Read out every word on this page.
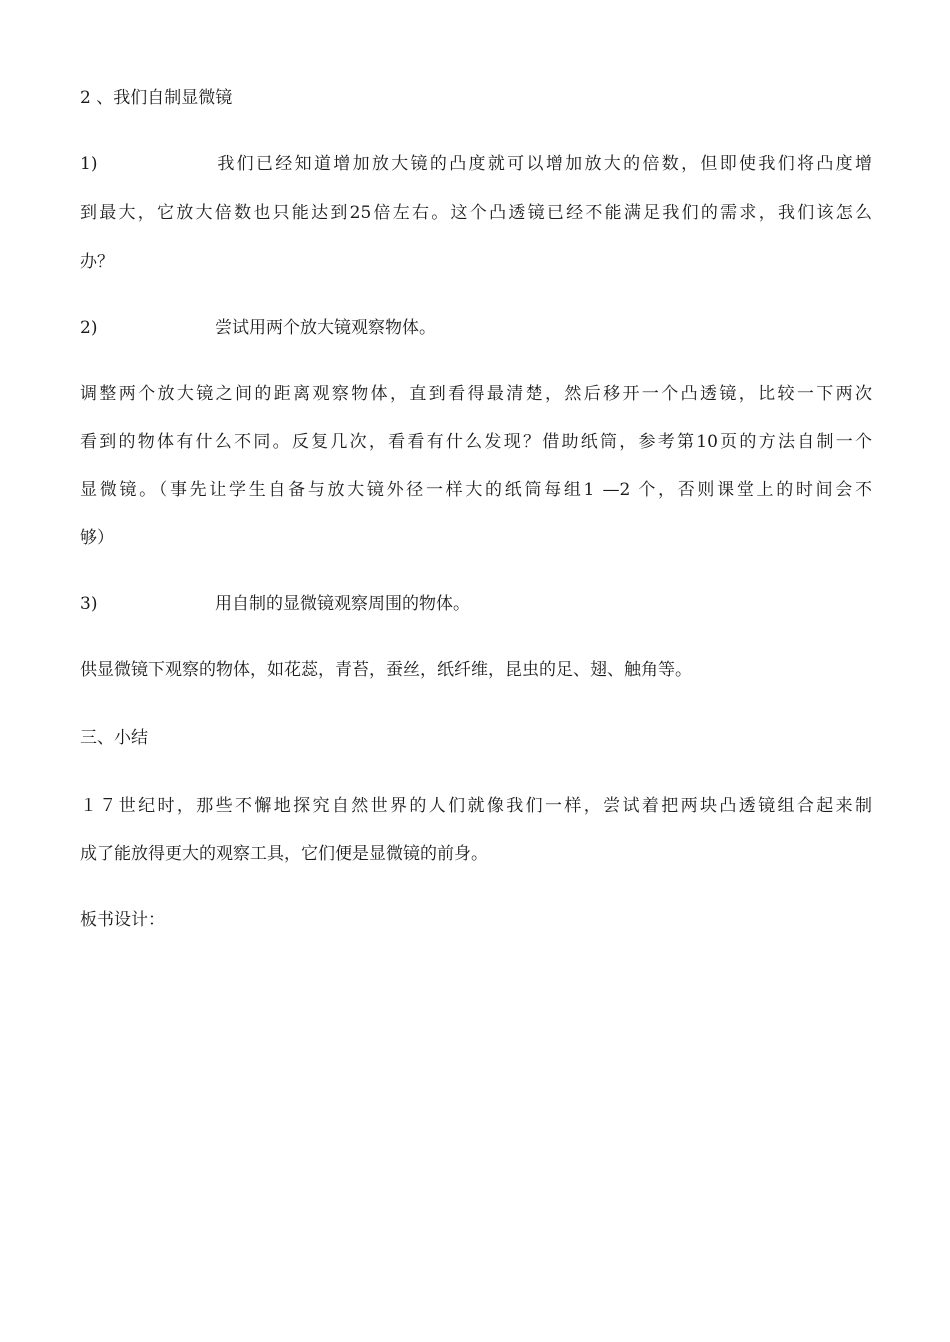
2 、我们自制显微镜
1)	我们已经知道增加放大镜的凸度就可以增加放大的倍数，但即使我们将凸度增
到最大，它放大倍数也只能达到25倍左右。这个凸透镜已经不能满足我们的需求，我们该怎么
办？
2)	尝试用两个放大镜观察物体。
调整两个放大镜之间的距离观察物体，直到看得最清楚，然后移开一个凸透镜，比较一下两次
看到的物体有什么不同。反复几次，看看有什么发现？借助纸筒，参考第10页的方法自制一个
显微镜。（事先让学生自备与放大镜外径一样大的纸筒每组1 —2 个，否则课堂上的时间会不
够）
3)	用自制的显微镜观察周围的物体。
供显微镜下观察的物体，如花蕊，青苔，蚕丝，纸纤维，昆虫的足、翅、触角等。
三、小结
１７世纪时，那些不懈地探究自然世界的人们就像我们一样，尝试着把两块凸透镜组合起来制
成了能放得更大的观察工具，它们便是显微镜的前身。
板书设计：
